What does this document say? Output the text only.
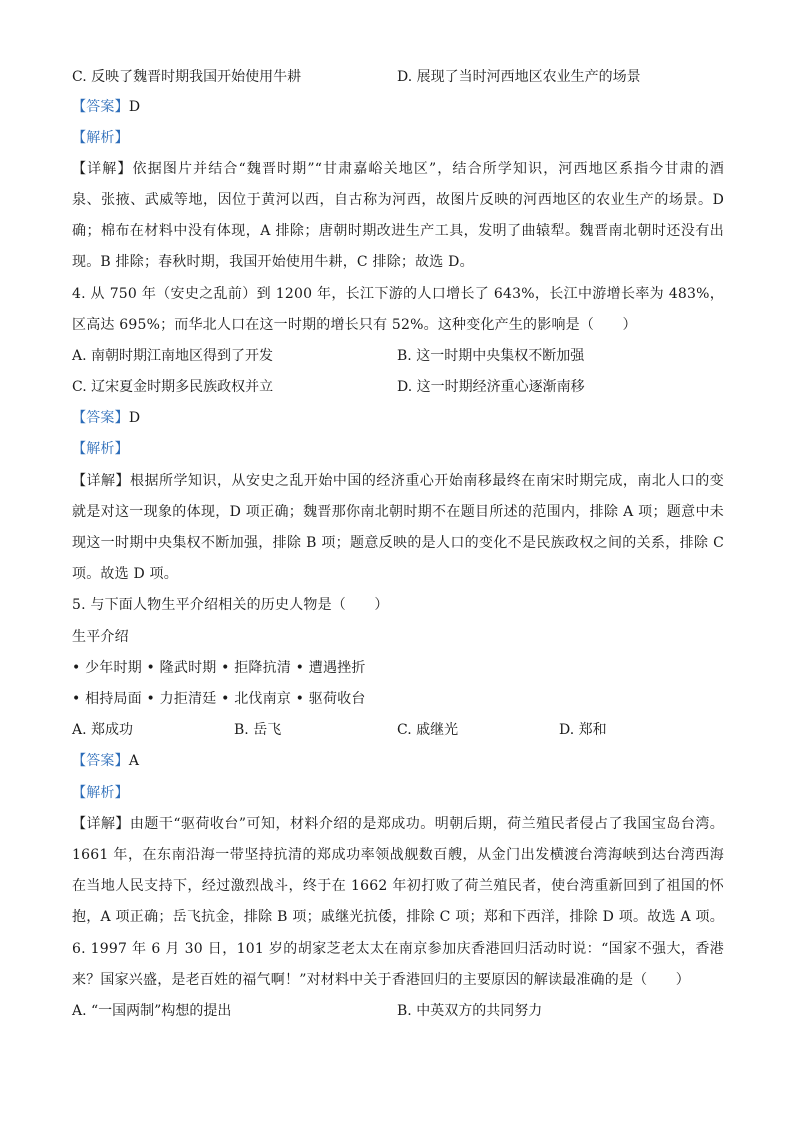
C. 反映了魏晋时期我国开始使用牛耕	D. 展现了当时河西地区农业生产的场景
【答案】D
【解析】
【详解】依据图片并结合“魏晋时期”“甘肃嘉峪关地区”，结合所学知识，河西地区系指今甘肃的酒
泉、张掖、武威等地，因位于黄河以西，自古称为河西，故图片反映的河西地区的农业生产的场景。D
确；棉布在材料中没有体现，A 排除；唐朝时期改进生产工具，发明了曲辕犁。魏晋南北朝时还没有出
现。B 排除；春秋时期，我国开始使用牛耕，C 排除；故选 D。
4. 从 750 年（安史之乱前）到 1200 年，长江下游的人口增长了 643%，长江中游增长率为 483%，
区高达 695%；而华北人口在这一时期的增长只有 52%。这种变化产生的影响是（　　）
A. 南朝时期江南地区得到了开发	B. 这一时期中央集权不断加强
C. 辽宋夏金时期多民族政权并立	D. 这一时期经济重心逐渐南移
【答案】D
【解析】
【详解】根据所学知识，从安史之乱开始中国的经济重心开始南移最终在南宋时期完成，南北人口的变
就是对这一现象的体现，D 项正确；魏晋那你南北朝时期不在题目所述的范围内，排除 A 项；题意中未
现这一时期中央集权不断加强，排除 B 项；题意反映的是人口的变化不是民族政权之间的关系，排除 C
项。故选 D 项。
5. 与下面人物生平介绍相关的历史人物是（　　）
生平介绍
• 少年时期 • 隆武时期 • 拒降抗清 • 遭遇挫折
• 相持局面 • 力拒清廷 • 北伐南京 • 驱荷收台
A. 郑成功	B. 岳飞	C. 戚继光	D. 郑和
【答案】A
【解析】
【详解】由题干“驱荷收台”可知，材料介绍的是郑成功。明朝后期，荷兰殖民者侵占了我国宝岛台湾。
1661 年，在东南沿海一带坚持抗清的郑成功率领战舰数百艘，从金门出发横渡台湾海峡到达台湾西海
在当地人民支持下，经过激烈战斗，终于在 1662 年初打败了荷兰殖民者，使台湾重新回到了祖国的怀
抱，A 项正确；岳飞抗金，排除 B 项；戚继光抗倭，排除 C 项；郑和下西洋，排除 D 项。故选 A 项。
6. 1997 年 6 月 30 日，101 岁的胡家芝老太太在南京参加庆香港回归活动时说：“国家不强大，香港
来？国家兴盛，是老百姓的福气啊！”对材料中关于香港回归的主要原因的解读最准确的是（　　）
A. “一国两制”构想的提出	B. 中英双方的共同努力
